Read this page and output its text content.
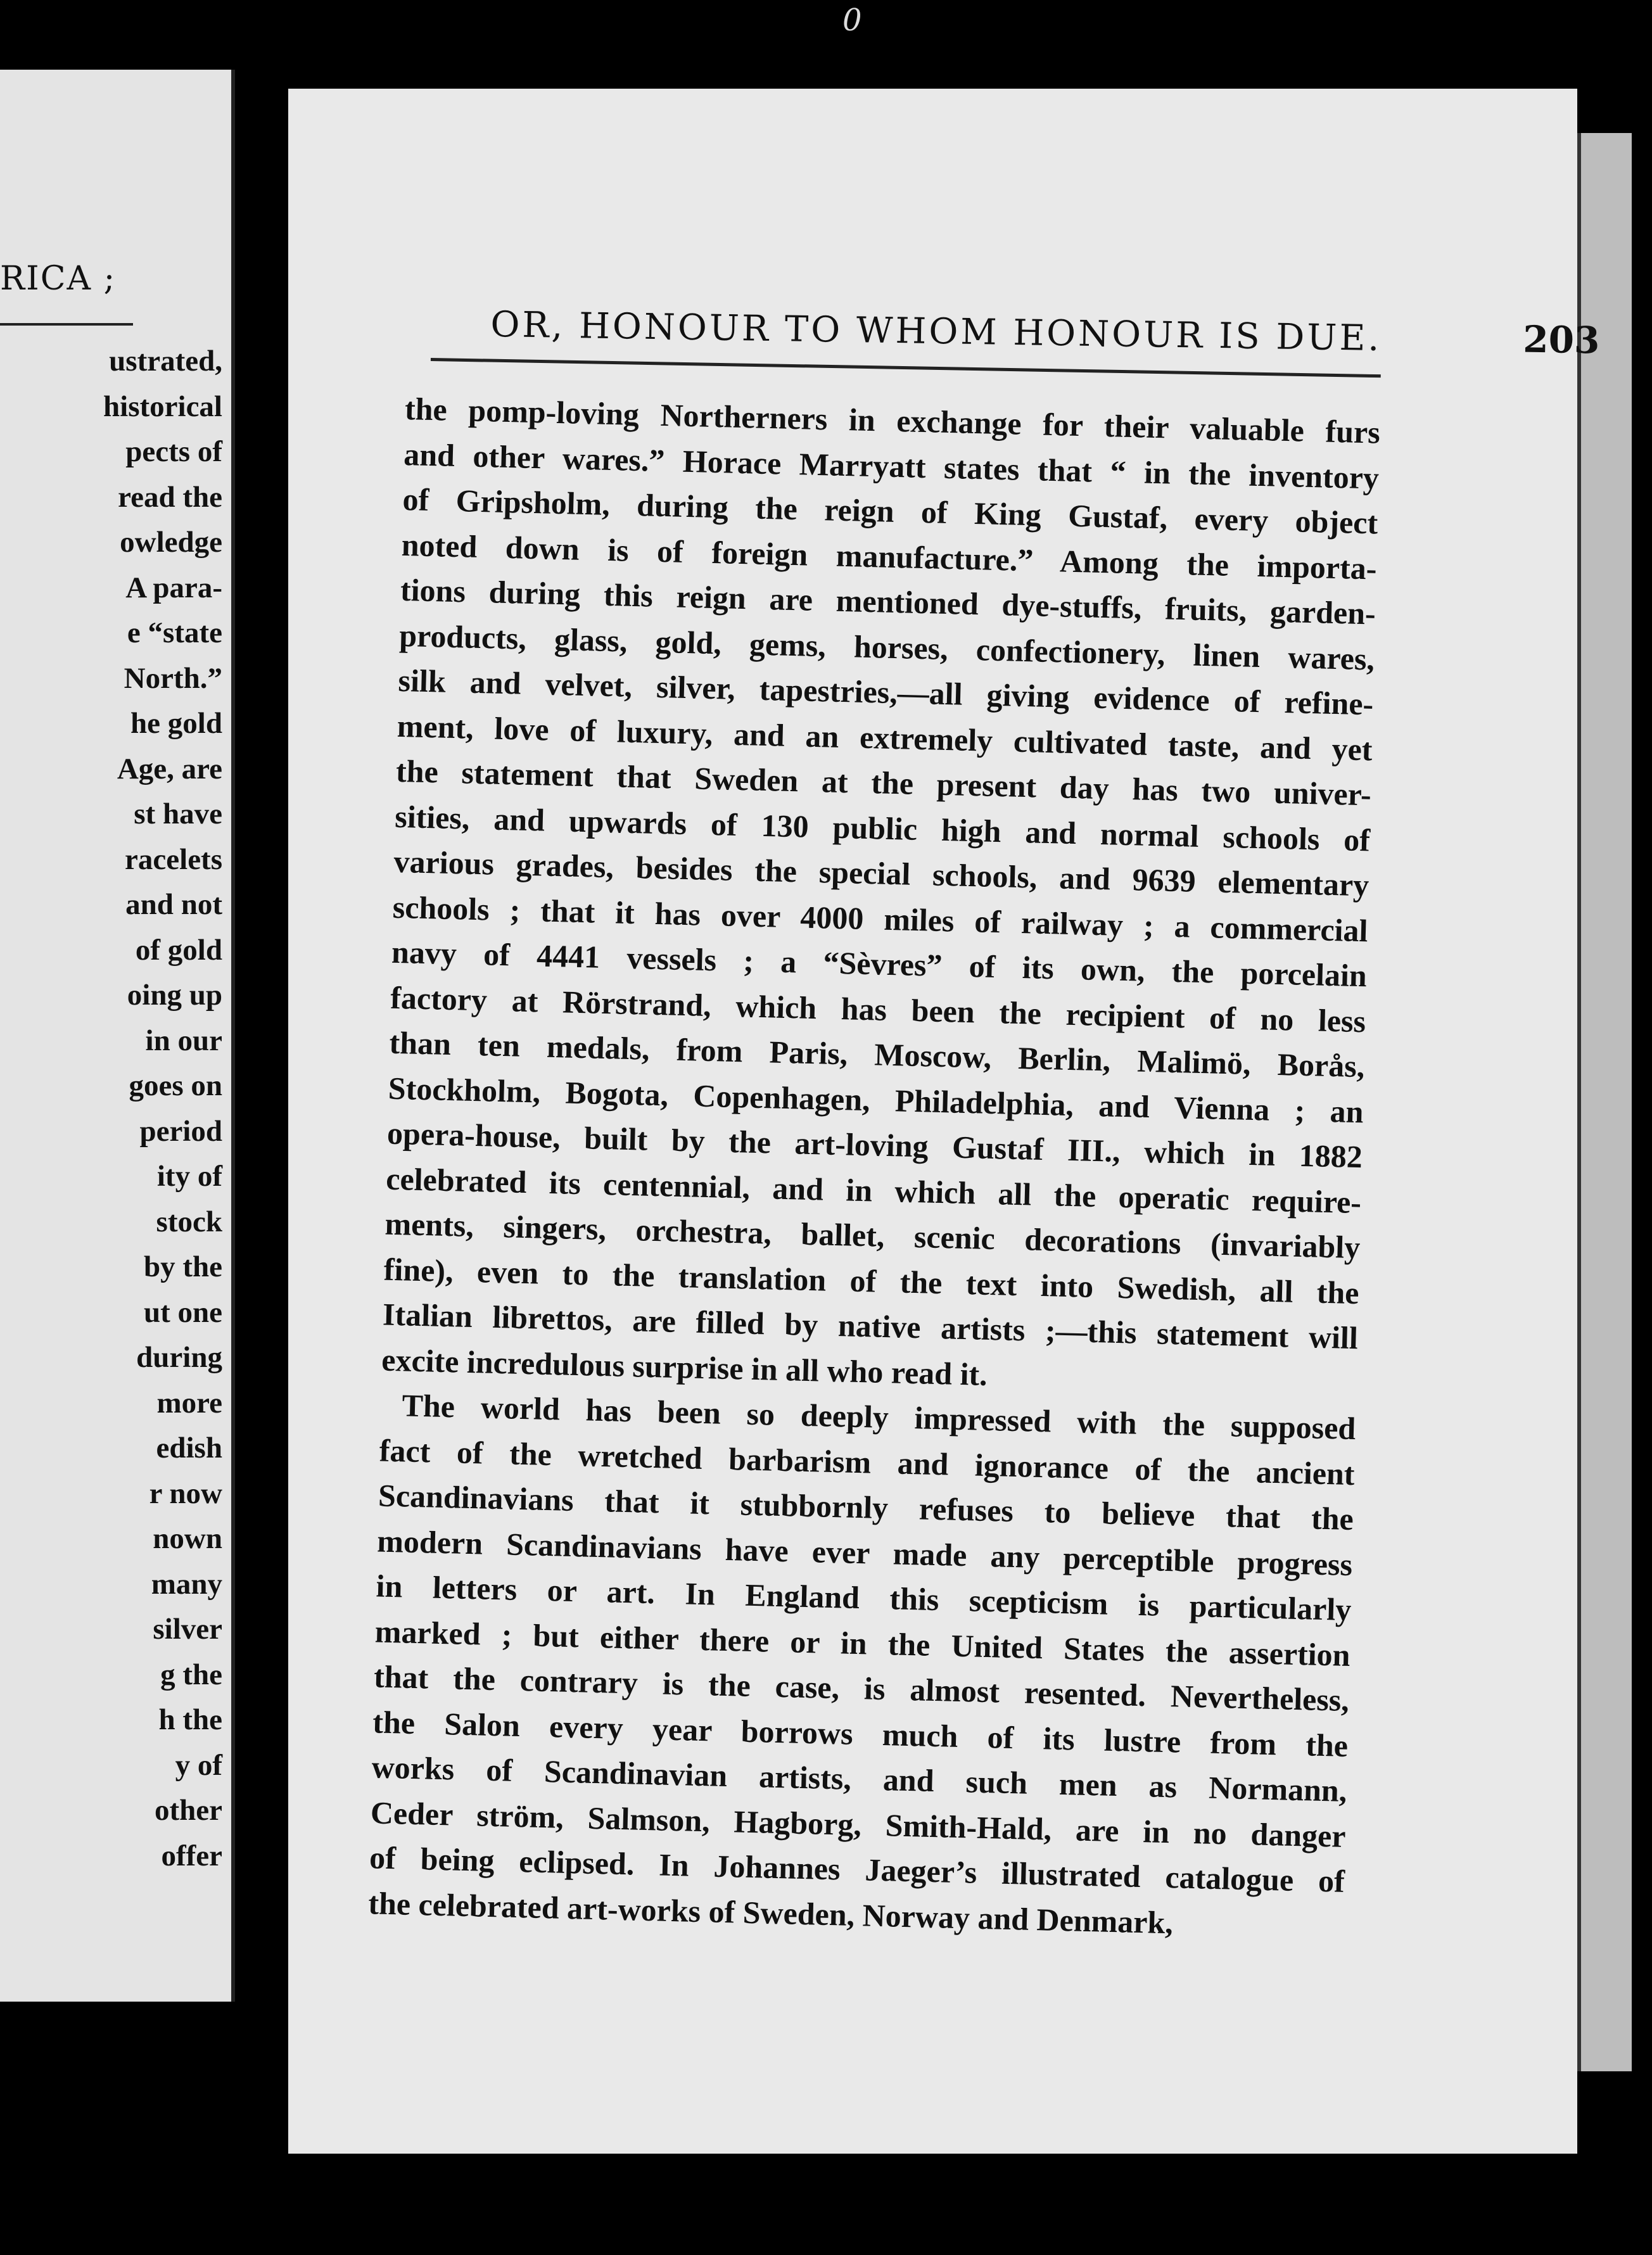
0
RICA ;
ustrated,
historical
pects of
read the
owledge
A para-
e “state
North.”
he gold
Age, are
st have
racelets
and not
of gold
oing up
in our
goes on
period
ity of
stock
by the
ut one
during
more
edish
r now
nown
many
silver
g the
h the
y of
other
offer
OR, HONOUR TO WHOM HONOUR IS DUE.	203

the pomp-loving Northerners in exchange for their valuable furs

and other wares.” Horace Marryatt states that “ in the inventory

of Gripsholm, during the reign of King Gustaf, every object

noted down is of foreign manufacture.” Among the importa-

tions during this reign are mentioned dye-stuffs, fruits, garden-

products, glass, gold, gems, horses, confectionery, linen wares,

silk and velvet, silver, tapestries,—all giving evidence of refine-

ment, love of luxury, and an extremely cultivated taste, and yet

the statement that Sweden at the present day has two univer-

sities, and upwards of 130 public high and normal schools of

various grades, besides the special schools, and 9639 elementary

schools ; that it has over 4000 miles of railway ; a commercial

navy of 4441 vessels ; a “Sèvres” of its own, the porcelain

factory at Rörstrand, which has been the recipient of no less

than ten medals, from Paris, Moscow, Berlin, Malimö, Borås,

Stockholm, Bogota, Copenhagen, Philadelphia, and Vienna ; an

opera-house, built by the art-loving Gustaf III., which in 1882

celebrated its centennial, and in which all the operatic require-

ments, singers, orchestra, ballet, scenic decorations (invariably

fine), even to the translation of the text into Swedish, all the

Italian librettos, are filled by native artists ;—this statement will

excite incredulous surprise in all who read it.

The world has been so deeply impressed with the supposed

fact of the wretched barbarism and ignorance of the ancient

Scandinavians that it stubbornly refuses to believe that the

modern Scandinavians have ever made any perceptible progress

in letters or art. In England this scepticism is particularly

marked ; but either there or in the United States the assertion

that the contrary is the case, is almost resented. Nevertheless,

the Salon every year borrows much of its lustre from the

works of Scandinavian artists, and such men as Normann,

Ceder ström, Salmson, Hagborg, Smith-Hald, are in no danger

of being eclipsed. In Johannes Jaeger’s illustrated catalogue of

the celebrated art-works of Sweden, Norway and Denmark,
